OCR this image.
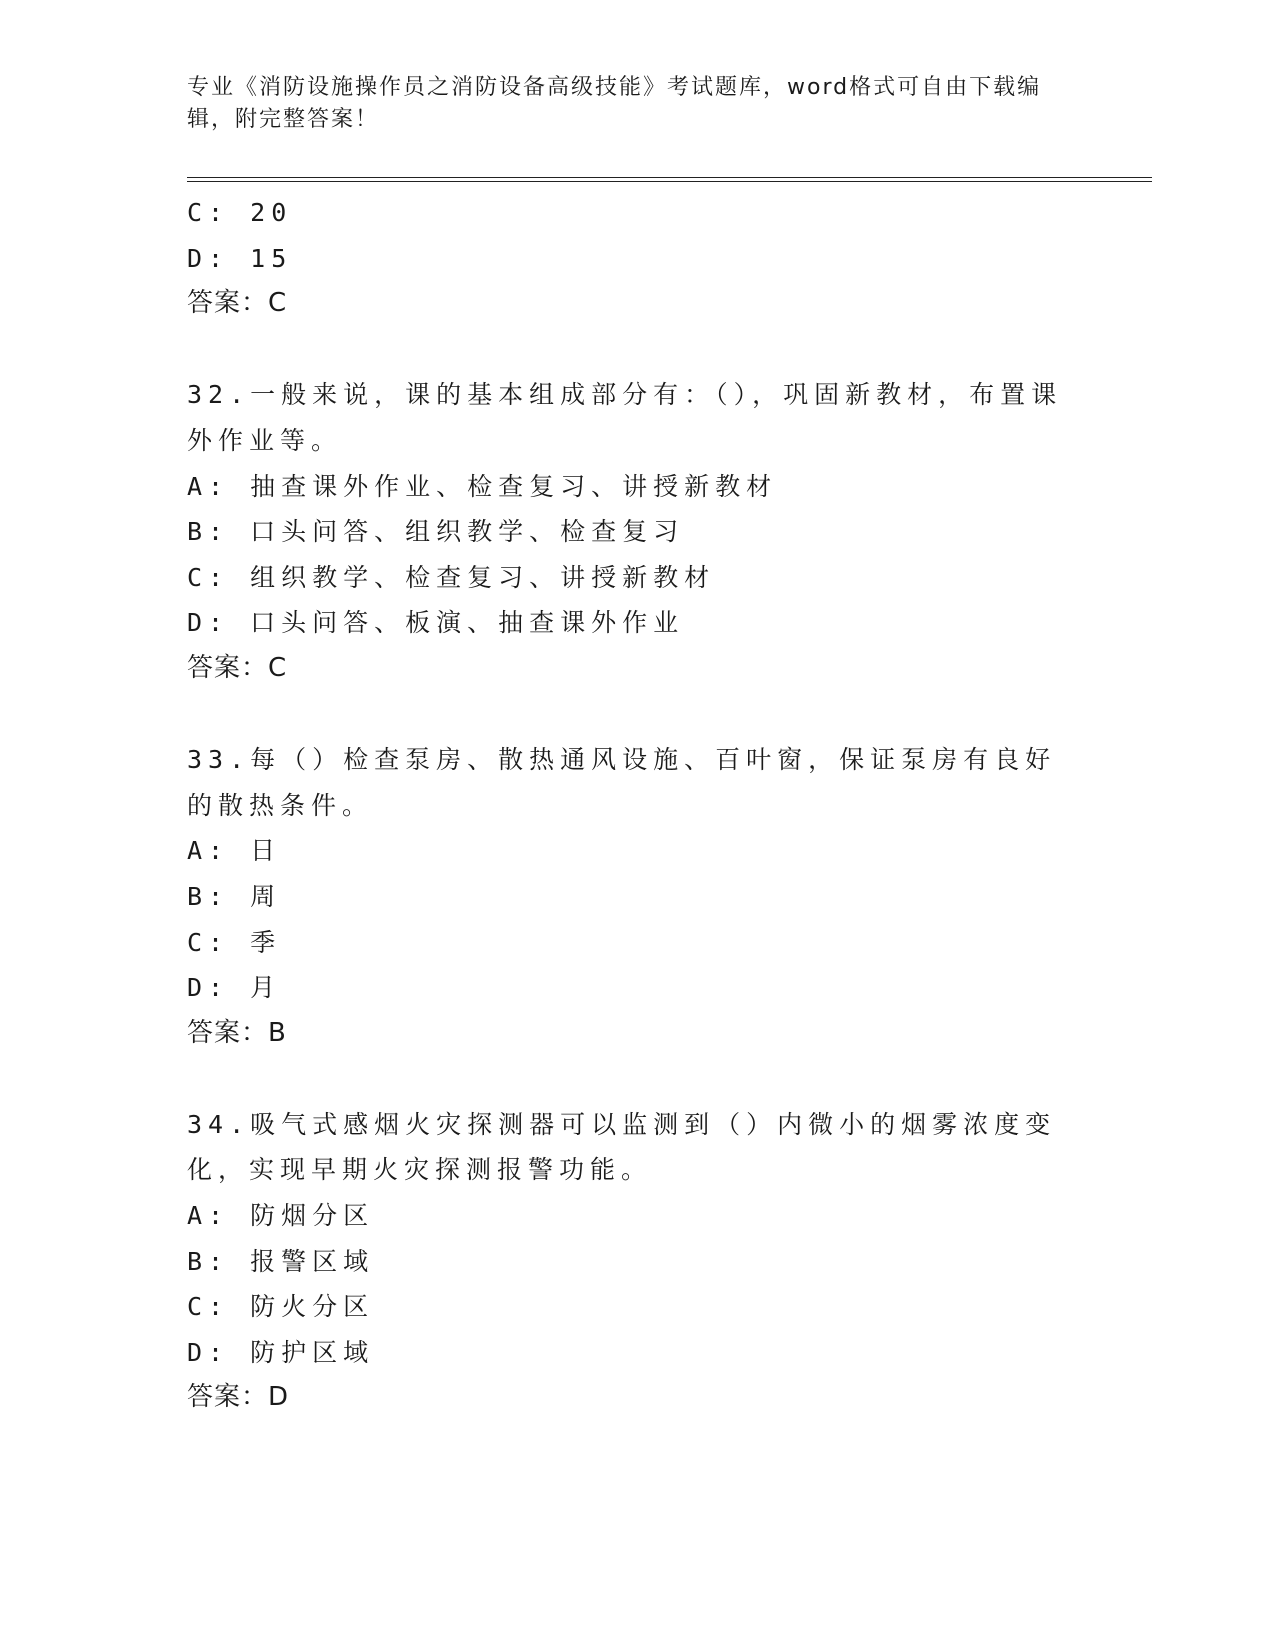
专业《消防设施操作员之消防设备高级技能》考试题库，word格式可自由下载编辑，附完整答案！
C: 20
D: 15
答案：C
32.一般来说，课的基本组成部分有：（），巩固新教材，布置课外作业等。
A: 抽查课外作业、检查复习、讲授新教材
B: 口头问答、组织教学、检查复习
C: 组织教学、检查复习、讲授新教材
D: 口头问答、板演、抽查课外作业
答案：C
33.每（）检查泵房、散热通风设施、百叶窗，保证泵房有良好的散热条件。
A: 日
B: 周
C: 季
D: 月
答案：B
34.吸气式感烟火灾探测器可以监测到（）内微小的烟雾浓度变化，实现早期火灾探测报警功能。
A: 防烟分区
B: 报警区域
C: 防火分区
D: 防护区域
答案：D
